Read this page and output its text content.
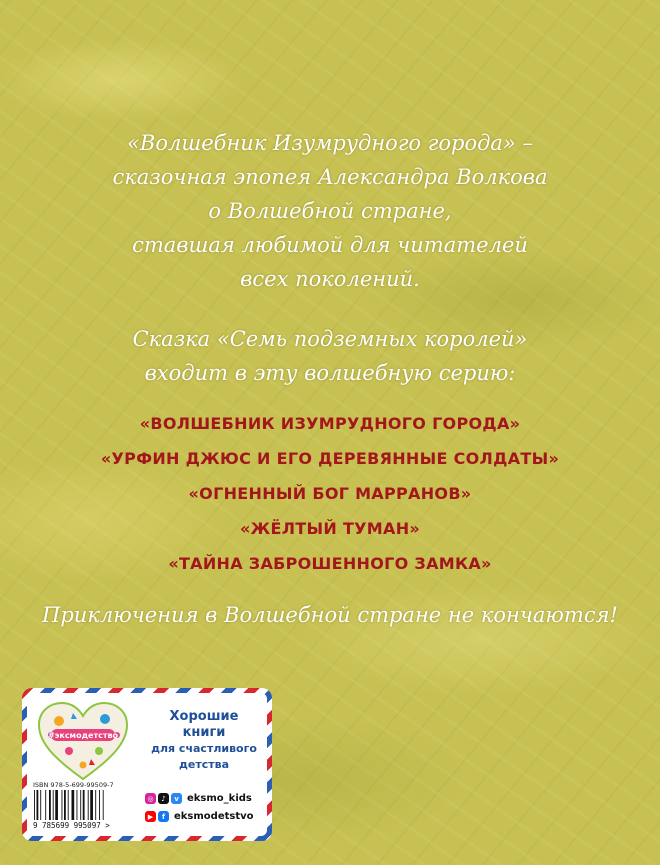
«Волшебник Изумрудного города» –

сказочная эпопея Александра Волкова

о Волшебной стране,

ставшая любимой для читателей

всех поколений.

Сказка «Семь подземных королей»

входит в эту волшебную серию:

«ВОЛШЕБНИК ИЗУМРУДНОГО ГОРОДА»

«УРФИН ДЖЮС И ЕГО ДЕРЕВЯННЫЕ СОЛДАТЫ»

«ОГНЕННЫЙ БОГ МАРРАНОВ»

«ЖЁЛТЫЙ ТУМАН»

«ТАЙНА ЗАБРОШЕННОГО ЗАМКА»

Приключения в Волшебной стране не кончаются!

#эксмодетство
Хорошие
книги
для счастливого
детства
ISBN 978-5-699-99509-7
9 785699 995097 >
◎	♪	v eksmo_kids
▶	f eksmodetstvo
